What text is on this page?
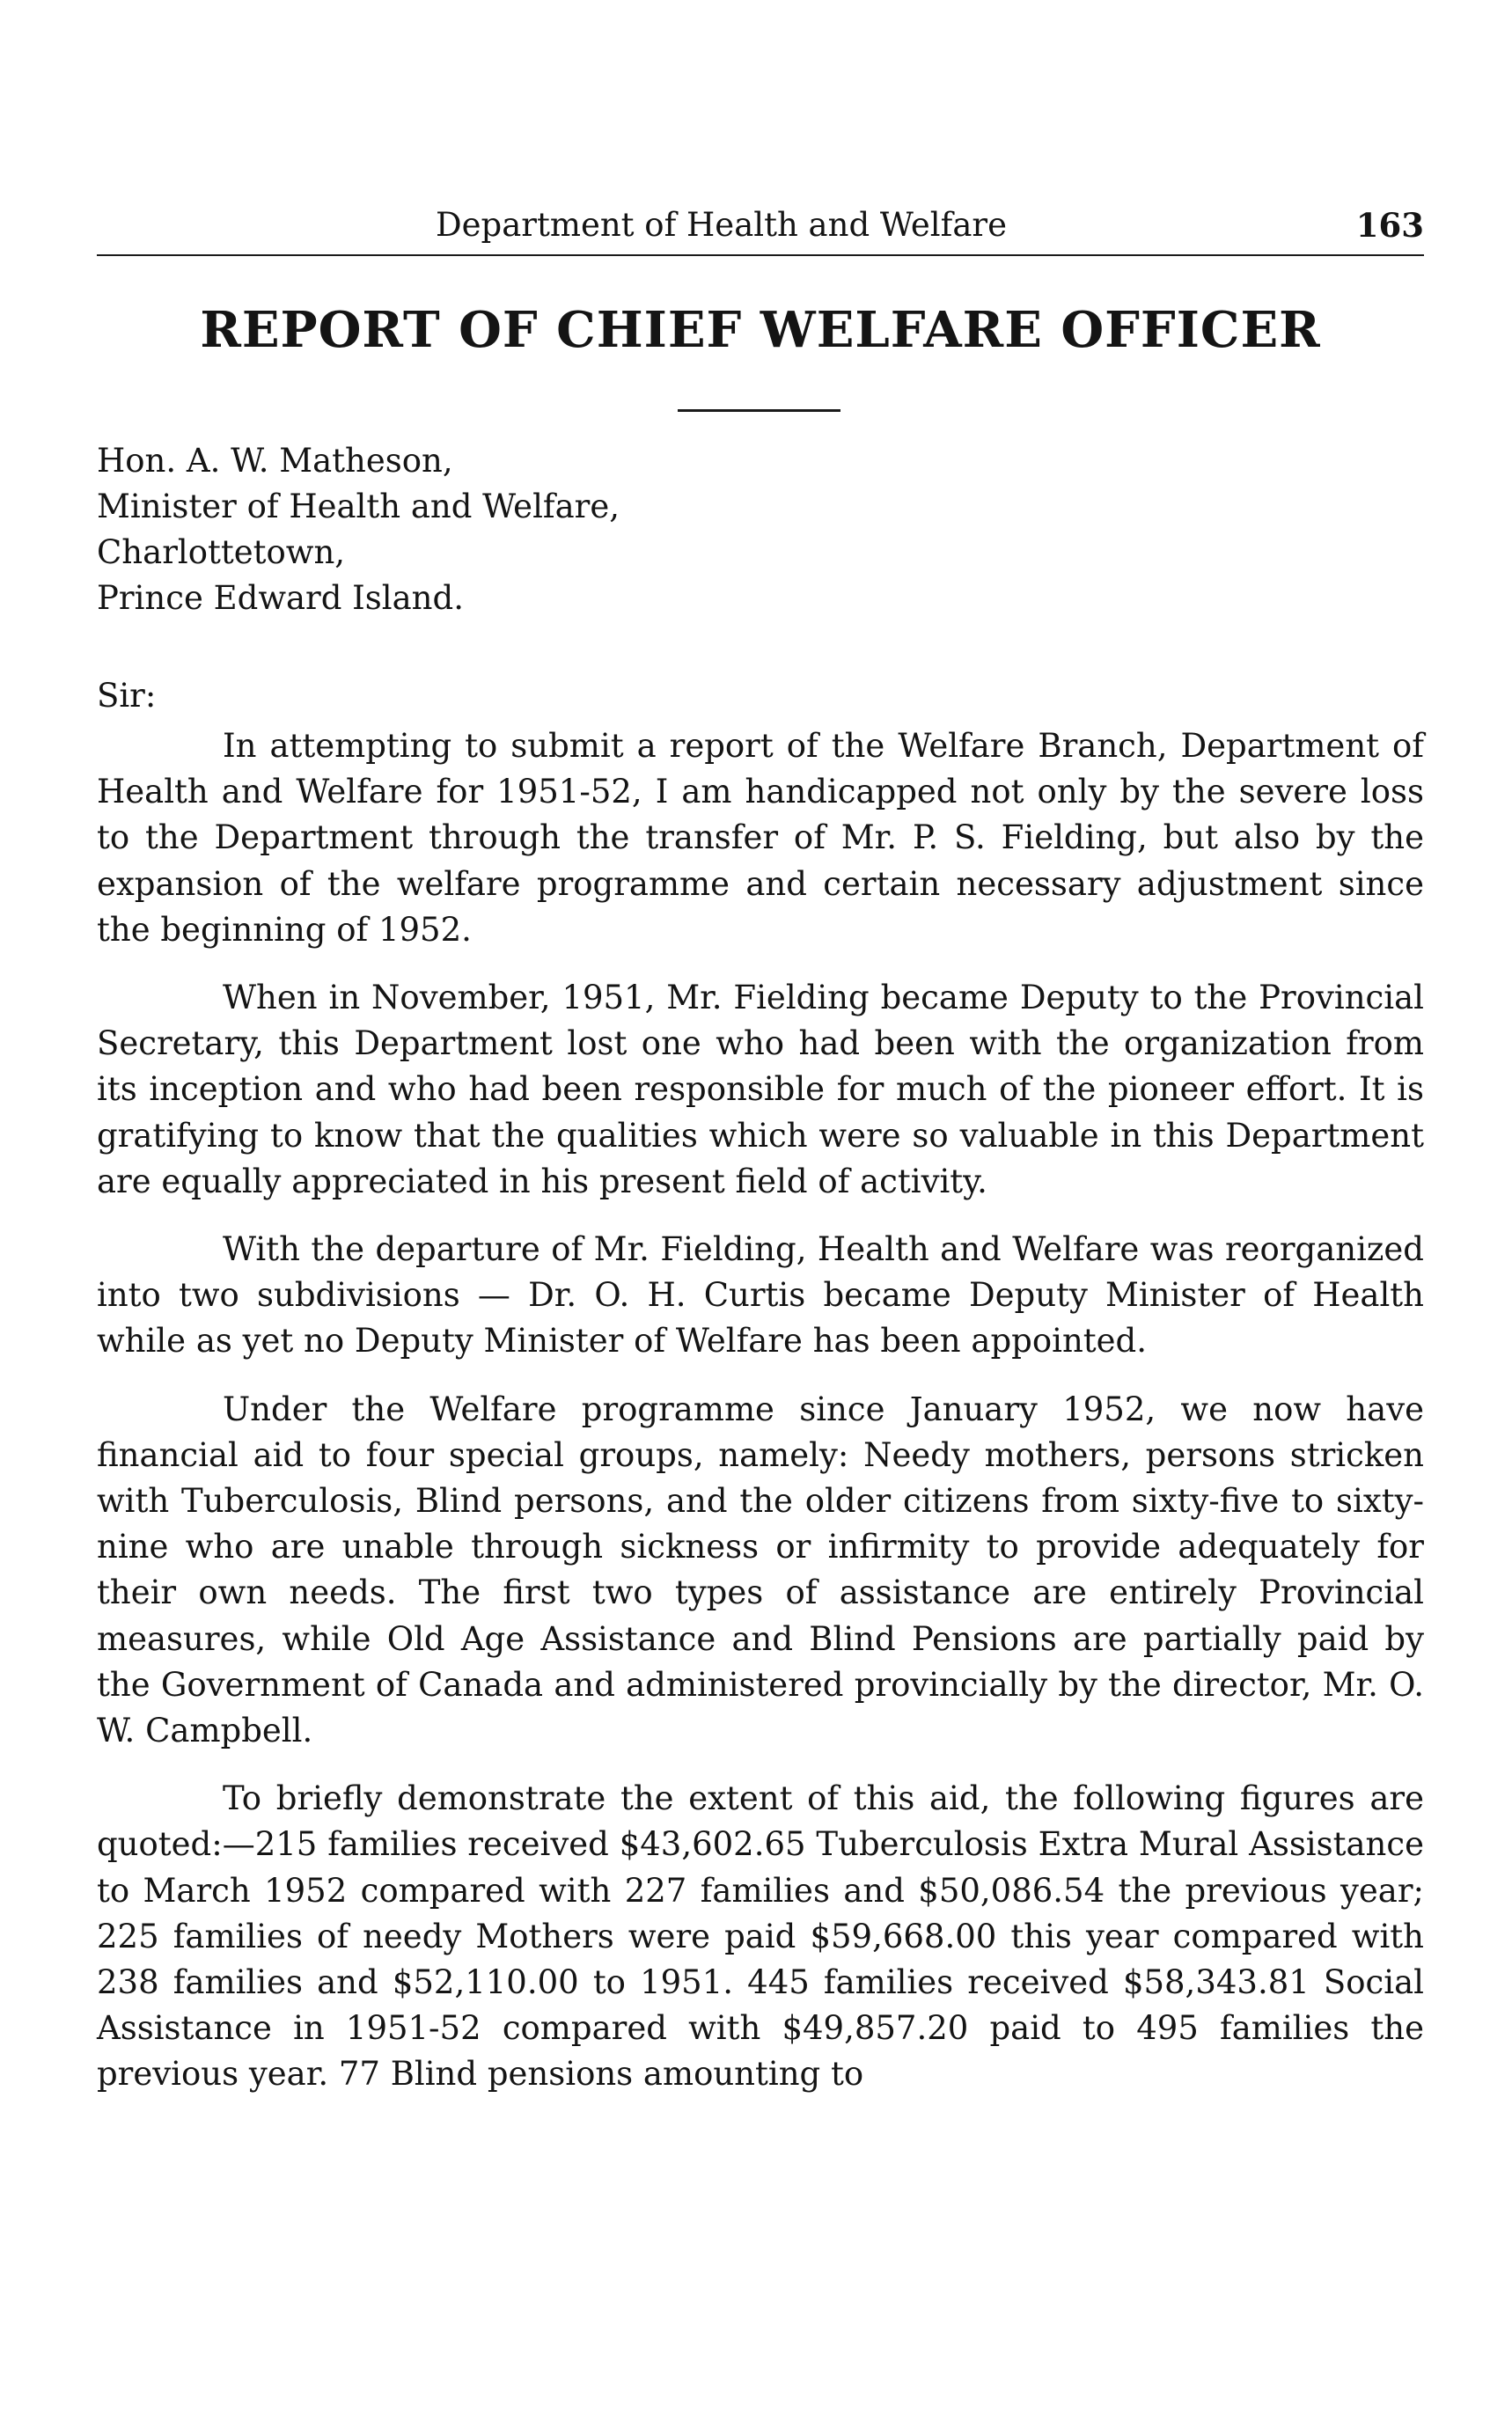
Department of Health and Welfare	163
REPORT OF CHIEF WELFARE OFFICER
Hon. A. W. Matheson,
Minister of Health and Welfare,
Charlottetown,
Prince Edward Island.
Sir:

In attempting to submit a report of the Welfare Branch, Department of Health and Welfare for 1951-52, I am handicapped not only by the severe loss to the Department through the transfer of Mr. P. S. Fielding, but also by the expansion of the welfare programme and certain necessary adjustment since the beginning of 1952.

When in November, 1951, Mr. Fielding became Deputy to the Provincial Secretary, this Department lost one who had been with the organization from its inception and who had been responsible for much of the pioneer effort. It is gratifying to know that the qualities which were so valuable in this Department are equally appreciated in his present field of activity.

With the departure of Mr. Fielding, Health and Welfare was reorganized into two subdivisions — Dr. O. H. Curtis became Deputy Minister of Health while as yet no Deputy Minister of Welfare has been appointed.

Under the Welfare programme since January 1952, we now have financial aid to four special groups, namely: Needy mothers, persons stricken with Tuberculosis, Blind persons, and the older citizens from sixty-five to sixty-nine who are unable through sickness or infirmity to provide adequately for their own needs. The first two types of assistance are entirely Provincial measures, while Old Age Assistance and Blind Pensions are partially paid by the Government of Canada and administered provincially by the director, Mr. O. W. Campbell.

To briefly demonstrate the extent of this aid, the following figures are quoted:—215 families received $43,602.65 Tuberculosis Extra Mural Assistance to March 1952 compared with 227 families and $50,086.54 the previous year; 225 families of needy Mothers were paid $59,668.00 this year compared with 238 families and $52,110.00 to 1951. 445 families received $58,343.81 Social Assistance in 1951-52 compared with $49,857.20 paid to 495 families the previous year. 77 Blind pensions amounting to
